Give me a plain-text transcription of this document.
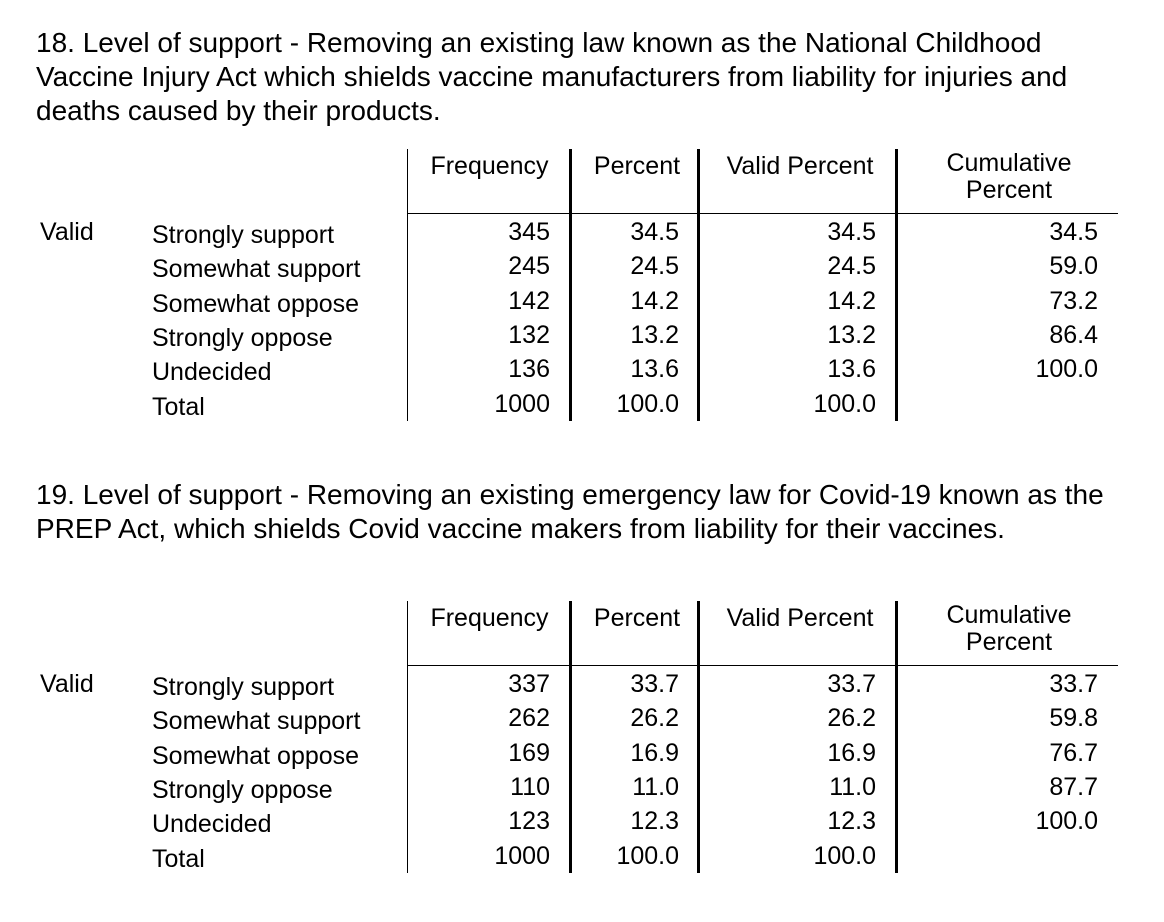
18. Level of support - Removing an existing law known as the National Childhood Vaccine Injury Act which shields vaccine manufacturers from liability for injuries and deaths caused by their products.
Frequency	Percent	Valid Percent	Cumulative
Percent
Valid	Strongly support	345	34.5	34.5	34.5
Somewhat support	245	24.5	24.5	59.0
Somewhat oppose	142	14.2	14.2	73.2
Strongly oppose	132	13.2	13.2	86.4
Undecided	136	13.6	13.6	100.0
Total	1000	100.0	100.0
19. Level of support - Removing an existing emergency law for Covid-19 known as the PREP Act, which shields Covid vaccine makers from liability for their vaccines.
Frequency	Percent	Valid Percent	Cumulative
Percent
Valid	Strongly support	337	33.7	33.7	33.7
Somewhat support	262	26.2	26.2	59.8
Somewhat oppose	169	16.9	16.9	76.7
Strongly oppose	110	11.0	11.0	87.7
Undecided	123	12.3	12.3	100.0
Total	1000	100.0	100.0
